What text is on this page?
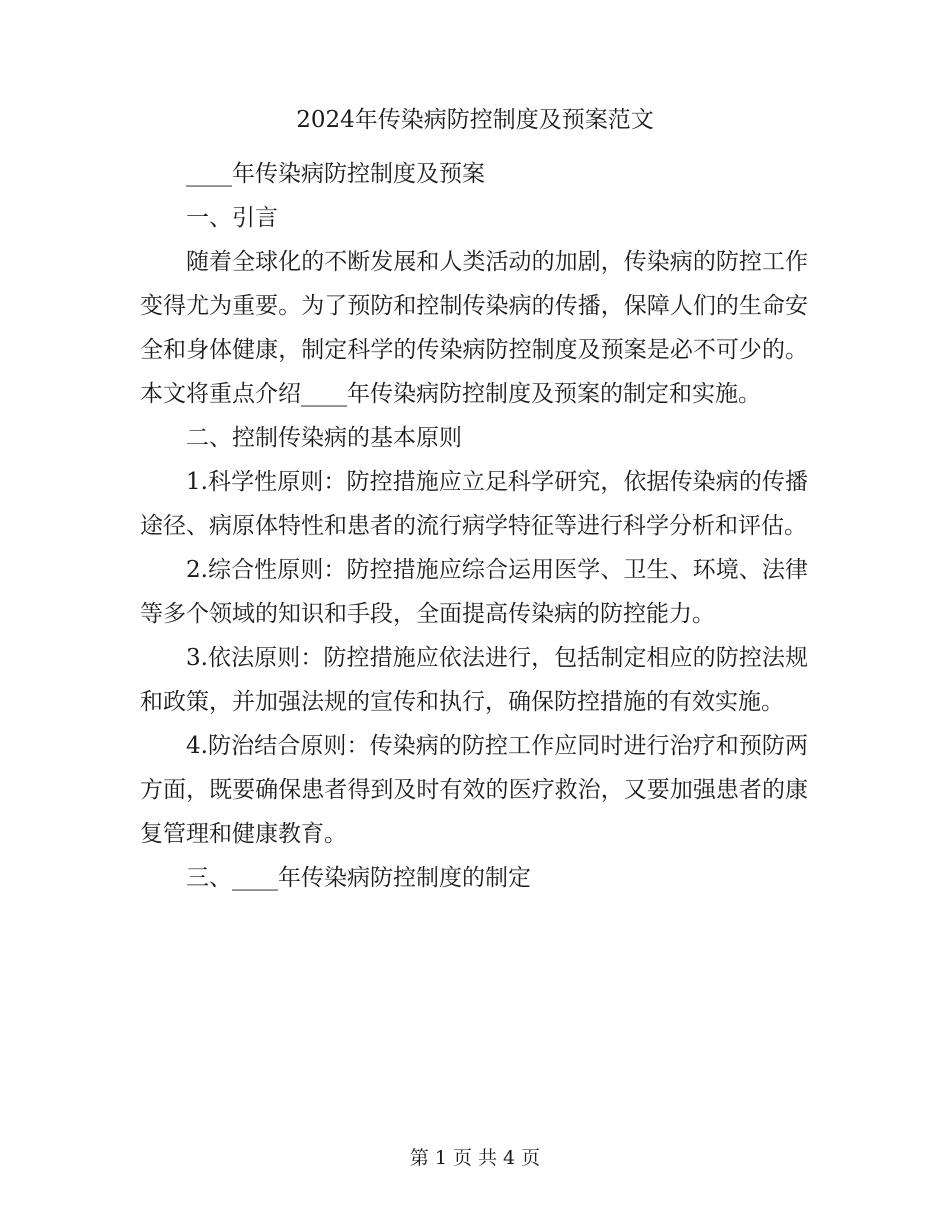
2024年传染病防控制度及预案范文

____年传染病防控制度及预案

一、引言

随着全球化的不断发展和人类活动的加剧，传染病的防控工作变得尤为重要。为了预防和控制传染病的传播，保障人们的生命安全和身体健康，制定科学的传染病防控制度及预案是必不可少的。本文将重点介绍____年传染病防控制度及预案的制定和实施。

二、控制传染病的基本原则

1.科学性原则：防控措施应立足科学研究，依据传染病的传播途径、病原体特性和患者的流行病学特征等进行科学分析和评估。

2.综合性原则：防控措施应综合运用医学、卫生、环境、法律等多个领域的知识和手段，全面提高传染病的防控能力。

3.依法原则：防控措施应依法进行，包括制定相应的防控法规和政策，并加强法规的宣传和执行，确保防控措施的有效实施。

4.防治结合原则：传染病的防控工作应同时进行治疗和预防两方面，既要确保患者得到及时有效的医疗救治，又要加强患者的康复管理和健康教育。

三、____年传染病防控制度的制定

第 1 页 共 4 页
